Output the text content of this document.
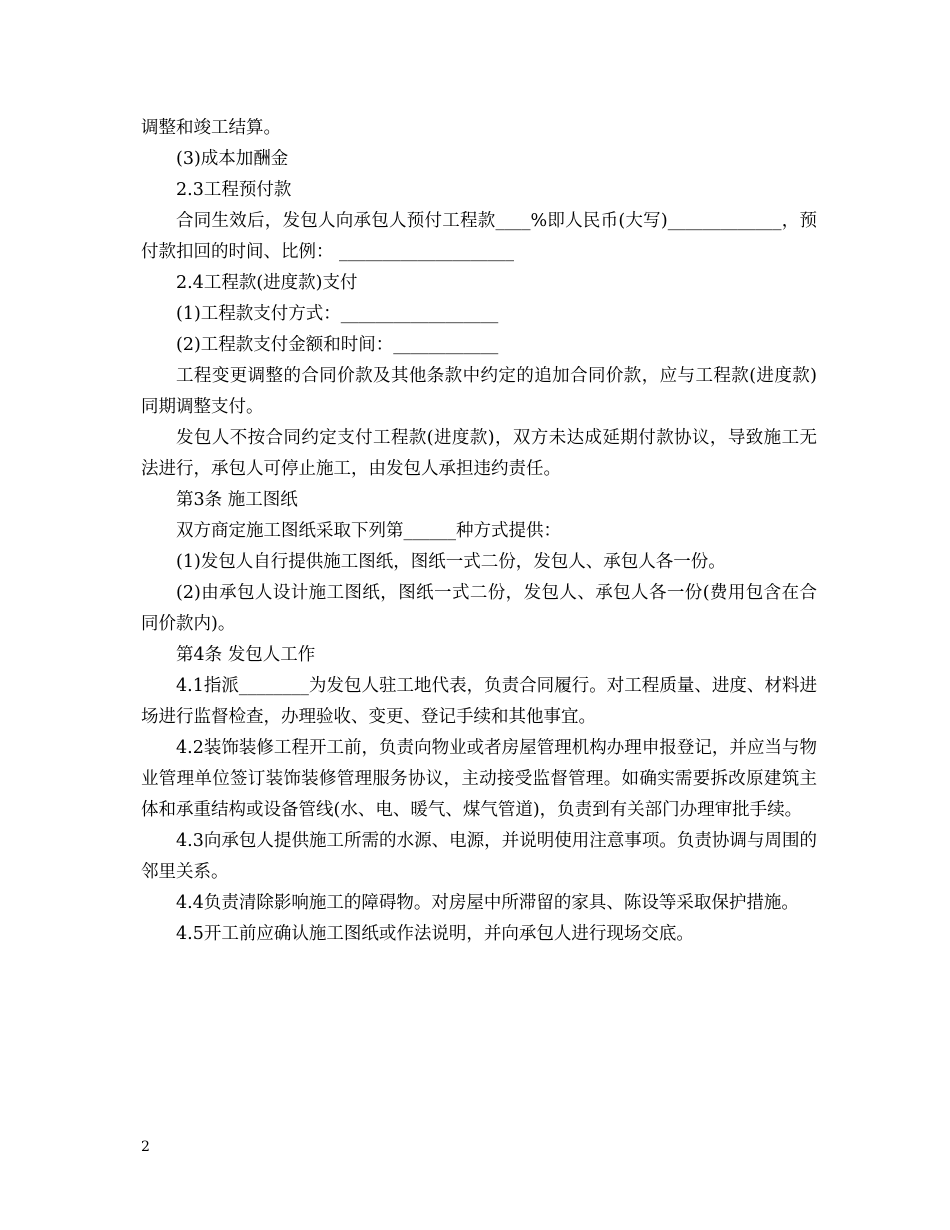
调整和竣工结算。

(3)成本加酬金

2.3工程预付款

合同生效后，发包人向承包人预付工程款____%即人民币(大写)_____________，预付款扣回的时间、比例： ____________________

2.4工程款(进度款)支付

(1)工程款支付方式：__________________

(2)工程款支付金额和时间：____________

工程变更调整的合同价款及其他条款中约定的追加合同价款，应与工程款(进度款)同期调整支付。

发包人不按合同约定支付工程款(进度款)，双方未达成延期付款协议，导致施工无法进行，承包人可停止施工，由发包人承担违约责任。

第3条 施工图纸

双方商定施工图纸采取下列第______种方式提供：

(1)发包人自行提供施工图纸，图纸一式二份，发包人、承包人各一份。

(2)由承包人设计施工图纸，图纸一式二份，发包人、承包人各一份(费用包含在合同价款内)。

第4条 发包人工作

4.1指派________为发包人驻工地代表，负责合同履行。对工程质量、进度、材料进场进行监督检查，办理验收、变更、登记手续和其他事宜。

4.2装饰装修工程开工前，负责向物业或者房屋管理机构办理申报登记，并应当与物业管理单位签订装饰装修管理服务协议，主动接受监督管理。如确实需要拆改原建筑主体和承重结构或设备管线(水、电、暖气、煤气管道)，负责到有关部门办理审批手续。

4.3向承包人提供施工所需的水源、电源，并说明使用注意事项。负责协调与周围的邻里关系。

4.4负责清除影响施工的障碍物。对房屋中所滞留的家具、陈设等采取保护措施。

4.5开工前应确认施工图纸或作法说明，并向承包人进行现场交底。

2
